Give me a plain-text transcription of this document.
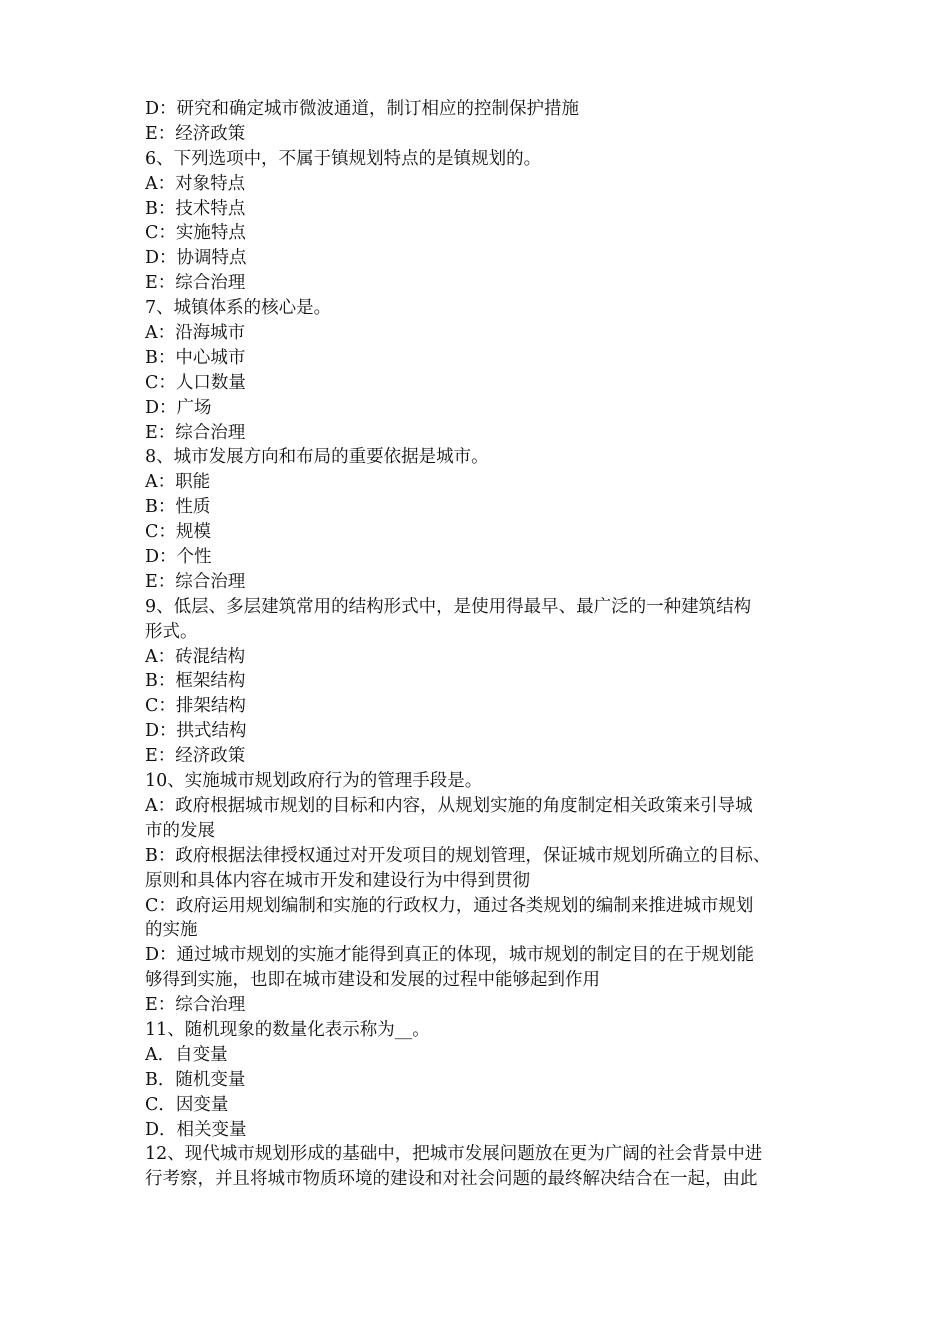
D：研究和确定城市微波通道，制订相应的控制保护措施
E：经济政策
6、下列选项中，不属于镇规划特点的是镇规划的。
A：对象特点
B：技术特点
C：实施特点
D：协调特点
E：综合治理
7、城镇体系的核心是。
A：沿海城市
B：中心城市
C：人口数量
D：广场
E：综合治理
8、城市发展方向和布局的重要依据是城市。
A：职能
B：性质
C：规模
D：个性
E：综合治理
9、低层、多层建筑常用的结构形式中，是使用得最早、最广泛的一种建筑结构
形式。
A：砖混结构
B：框架结构
C：排架结构
D：拱式结构
E：经济政策
10、实施城市规划政府行为的管理手段是。
A：政府根据城市规划的目标和内容，从规划实施的角度制定相关政策来引导城
市的发展
B：政府根据法律授权通过对开发项目的规划管理，保证城市规划所确立的目标、
原则和具体内容在城市开发和建设行为中得到贯彻
C：政府运用规划编制和实施的行政权力，通过各类规划的编制来推进城市规划
的实施
D：通过城市规划的实施才能得到真正的体现，城市规划的制定目的在于规划能
够得到实施，也即在城市建设和发展的过程中能够起到作用
E：综合治理
11、随机现象的数量化表示称为__。
A．自变量
B．随机变量
C．因变量
D．相关变量
12、现代城市规划形成的基础中，把城市发展问题放在更为广阔的社会背景中进
行考察，并且将城市物质环境的建设和对社会问题的最终解决结合在一起，由此
